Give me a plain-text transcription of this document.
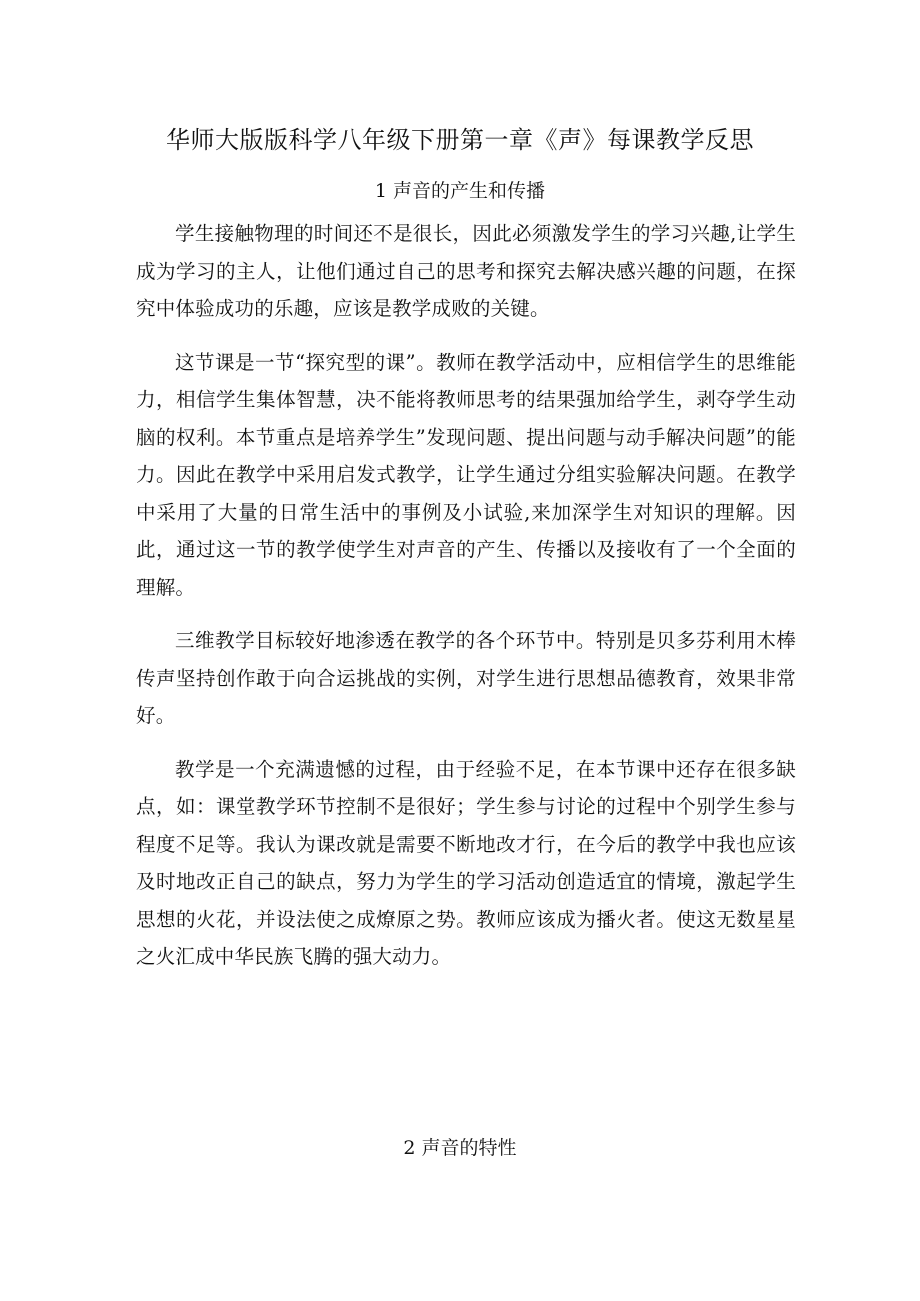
华师大版版科学八年级下册第一章《声》每课教学反思
1 声音的产生和传播

学生接触物理的时间还不是很长，因此必须激发学生的学习兴趣,让学生成为学习的主人，让他们通过自己的思考和探究去解决感兴趣的问题，在探究中体验成功的乐趣，应该是教学成败的关键。

这节课是一节“探究型的课”。教师在教学活动中，应相信学生的思维能力，相信学生集体智慧，决不能将教师思考的结果强加给学生，剥夺学生动脑的权利。本节重点是培养学生”发现问题、提出问题与动手解决问题”的能力。因此在教学中采用启发式教学，让学生通过分组实验解决问题。在教学中采用了大量的日常生活中的事例及小试验,来加深学生对知识的理解。因此，通过这一节的教学使学生对声音的产生、传播以及接收有了一个全面的理解。

三维教学目标较好地渗透在教学的各个环节中。特别是贝多芬利用木棒传声坚持创作敢于向合运挑战的实例，对学生进行思想品德教育，效果非常好。

教学是一个充满遗憾的过程，由于经验不足，在本节课中还存在很多缺点，如：课堂教学环节控制不是很好；学生参与讨论的过程中个别学生参与程度不足等。我认为课改就是需要不断地改才行，在今后的教学中我也应该及时地改正自己的缺点，努力为学生的学习活动创造适宜的情境，激起学生思想的火花，并设法使之成燎原之势。教师应该成为播火者。使这无数星星之火汇成中华民族飞腾的强大动力。

2 声音的特性
